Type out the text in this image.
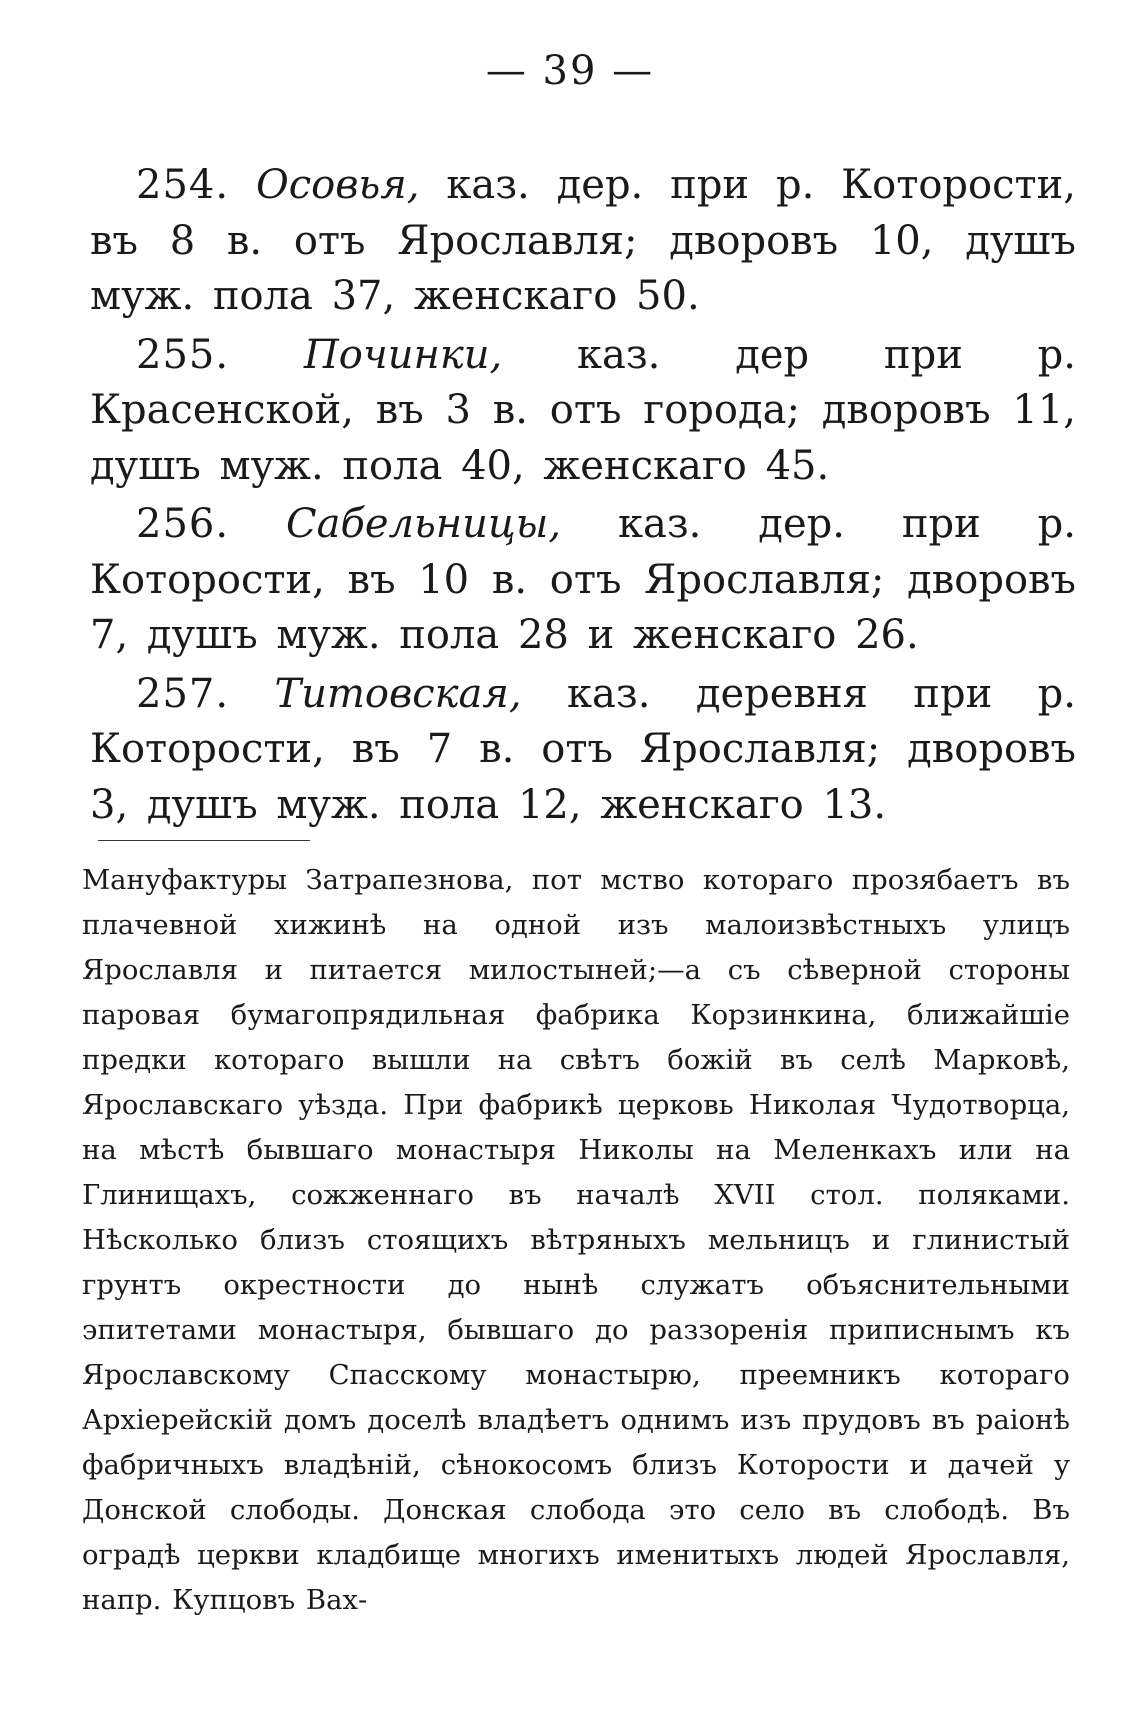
— 39 —

254. Осовья, каз. дер. при р. Которости, въ 8 в. отъ Ярославля; дворовъ 10, душъ муж. пола 37, женскаго 50.

255. Починки, каз. дер при р. Красенской, въ 3 в. отъ города; дворовъ 11, душъ муж. пола 40, женскаго 45.

256. Сабельницы, каз. дер. при р. Которости, въ 10 в. отъ Ярославля; дворовъ 7, душъ муж. пола 28 и женскаго 26.

257. Титовская, каз. деревня при р. Которости, въ 7 в. отъ Ярославля; дворовъ 3, душъ муж. пола 12, женскаго 13.

Мануфактуры Затрапезнова, пот мство котораго прозябаетъ въ плачевной хижинѣ на одной изъ малоизвѣстныхъ улицъ Ярославля и питается милостыней;—а съ сѣверной стороны паровая бумагопрядильная фабрика Корзинкина, ближайшіе предки котораго вышли на свѣтъ божій въ селѣ Марковѣ, Ярославскаго уѣзда. При фабрикѣ церковь Николая Чудотворца, на мѣстѣ бывшаго монастыря Николы на Меленкахъ или на Глинищахъ, сожженнаго въ началѣ XVII стол. поляками. Нѣсколько близъ стоящихъ вѣтряныхъ мельницъ и глинистый грунтъ окрестности до нынѣ служатъ объяснительными эпитетами монастыря, бывшаго до раззоренія приписнымъ къ Ярославскому Спасскому монастырю, преемникъ котораго Архіерейскій домъ доселѣ владѣетъ однимъ изъ прудовъ въ раіонѣ фабричныхъ владѣній, сѣнокосомъ близъ Которости и дачей у Донской слободы. Донская слобода это село въ слободѣ. Въ оградѣ церкви кладбище многихъ именитыхъ людей Ярославля, напр. Купцовъ Вах-
